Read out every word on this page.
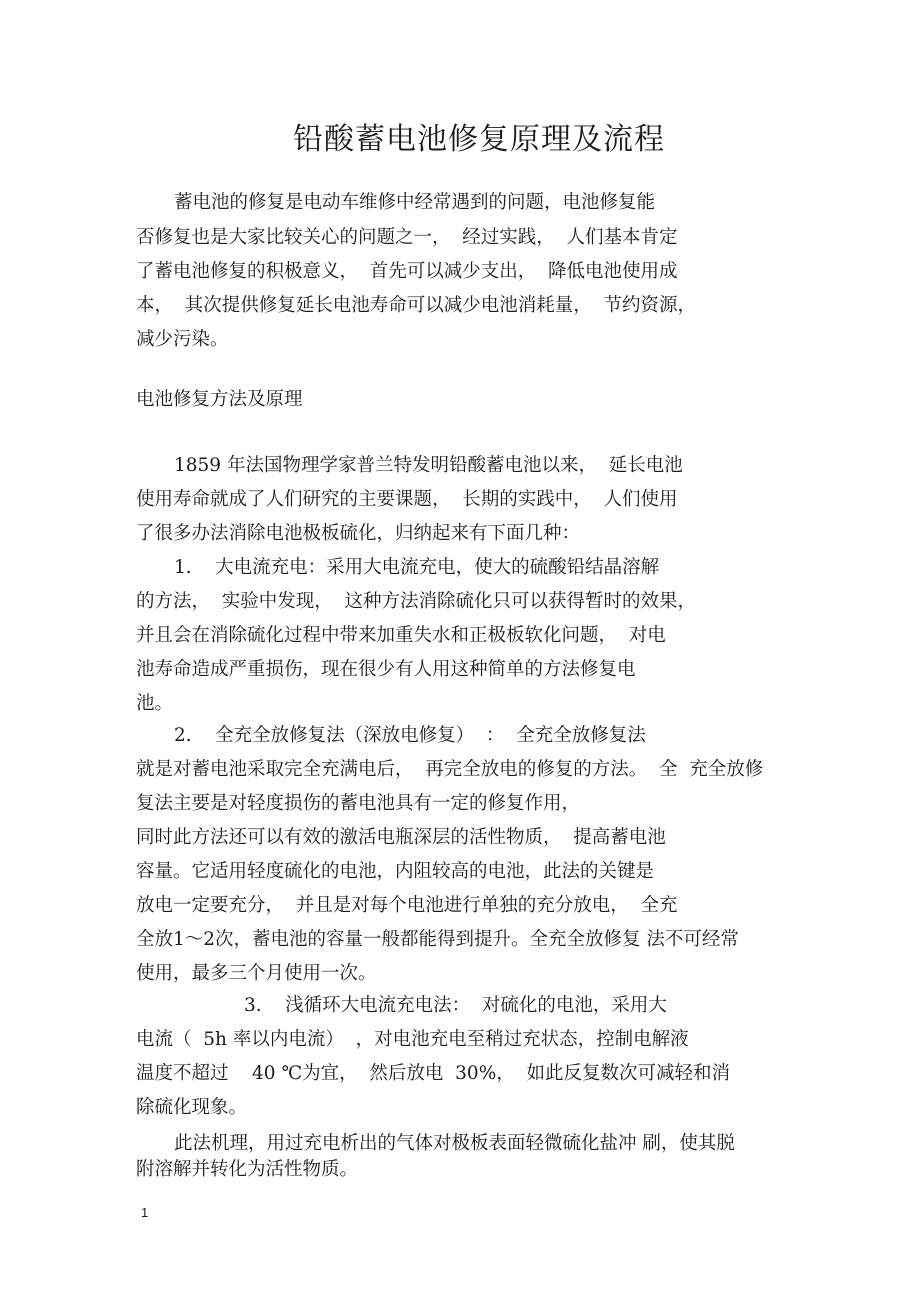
铅酸蓄电池修复原理及流程
蓄电池的修复是电动车维修中经常遇到的问题，电池修复能
否修复也是大家比较关心的问题之一，  经过实践，  人们基本肯定
了蓄电池修复的积极意义，  首先可以减少支出，  降低电池使用成
本，  其次提供修复延长电池寿命可以减少电池消耗量，  节约资源，
减少污染。
电池修复方法及原理
1859 年法国物理学家普兰特发明铅酸蓄电池以来，  延长电池
使用寿命就成了人们研究的主要课题，  长期的实践中，  人们使用
了很多办法消除电池极板硫化，归纳起来有下面几种：
1.    大电流充电：采用大电流充电，使大的硫酸铅结晶溶解
的方法，  实验中发现，  这种方法消除硫化只可以获得暂时的效果，
并且会在消除硫化过程中带来加重失水和正极板软化问题，  对电
池寿命造成严重损伤，现在很少有人用这种简单的方法修复电
池。
2.    全充全放修复法（深放电修复）  ：  全充全放修复法
就是对蓄电池采取完全充满电后，  再完全放电的修复的方法。  全  充全放修
复法主要是对轻度损伤的蓄电池具有一定的修复作用，
同时此方法还可以有效的激活电瓶深层的活性物质，  提高蓄电池
容量。它适用轻度硫化的电池，内阻较高的电池，此法的关键是
放电一定要充分，  并且是对每个电池进行单独的充分放电，  全充
全放1～2次，蓄电池的容量一般都能得到提升。全充全放修复 法不可经常
使用，最多三个月使用一次。
3.    浅循环大电流充电法：  对硫化的电池，采用大
电流（  5h 率以内电流）  ，对电池充电至稍过充状态，控制电解液
温度不超过    40 ℃为宜，  然后放电  30%，  如此反复数次可减轻和消
除硫化现象。
此法机理，用过充电析出的气体对极板表面轻微硫化盐冲 刷，使其脱
附溶解并转化为活性物质。
1
